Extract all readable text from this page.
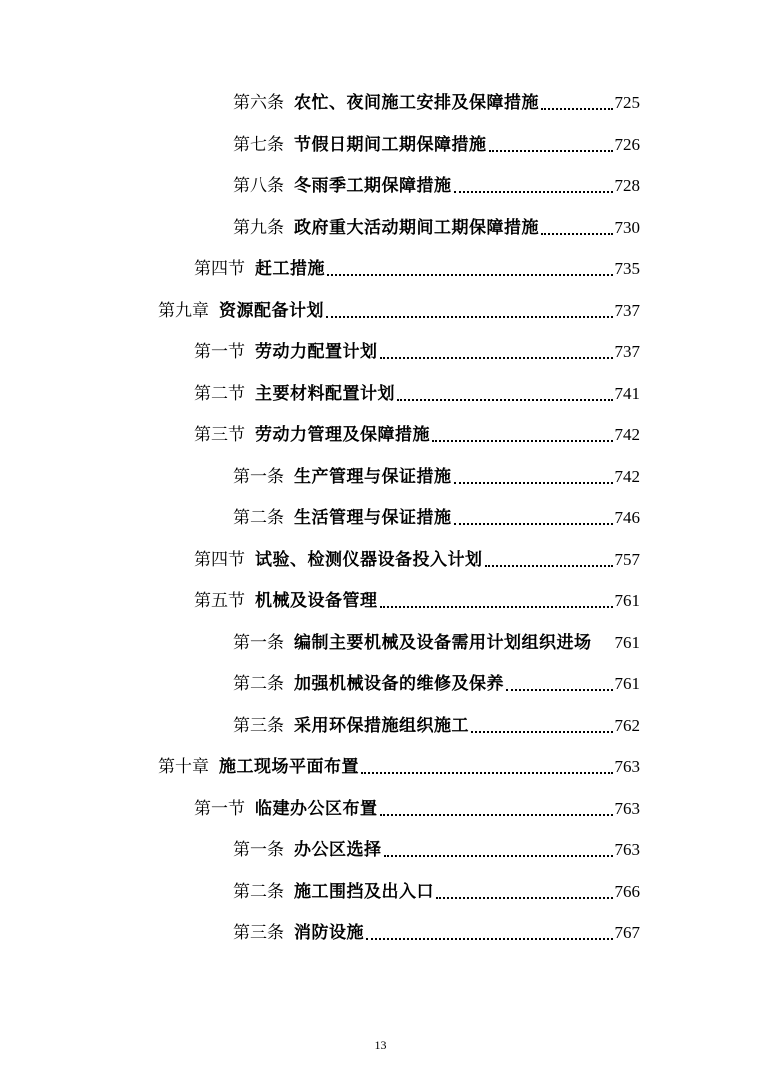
第六条 农忙、夜间施工安排及保障措施	725
第七条 节假日期间工期保障措施	726
第八条 冬雨季工期保障措施	728
第九条 政府重大活动期间工期保障措施	730
第四节 赶工措施	735
第九章 资源配备计划	737
第一节 劳动力配置计划	737
第二节 主要材料配置计划	741
第三节 劳动力管理及保障措施	742
第一条 生产管理与保证措施	742
第二条 生活管理与保证措施	746
第四节 试验、检测仪器设备投入计划	757
第五节 机械及设备管理	761
第一条 编制主要机械及设备需用计划组织进场 761
第二条 加强机械设备的维修及保养	761
第三条 采用环保措施组织施工	762
第十章 施工现场平面布置	763
第一节 临建办公区布置	763
第一条 办公区选择	763
第二条 施工围挡及出入口	766
第三条 消防设施	767
13
